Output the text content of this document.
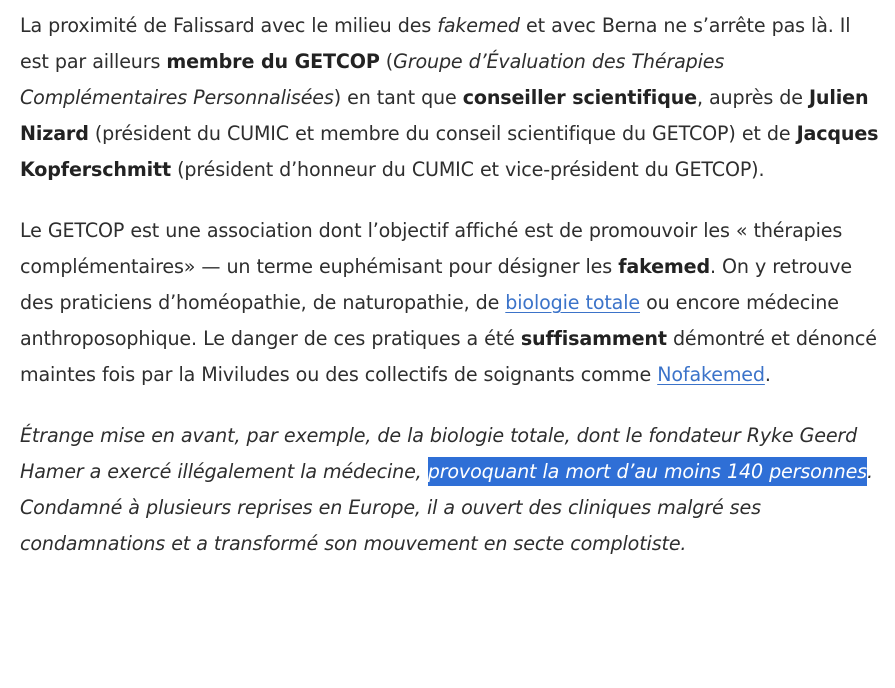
La proximité de Falissard avec le milieu des fakemed et avec Berna ne s’arrête pas là. Il est par ailleurs membre du GETCOP (Groupe d’Évaluation des Thérapies Complémentaires Personnalisées) en tant que conseiller scientifique, auprès de Julien Nizard (président du CUMIC et membre du conseil scientifique du GETCOP) et de Jacques Kopferschmitt (président d’honneur du CUMIC et vice-président du GETCOP).

Le GETCOP est une association dont l’objectif affiché est de promouvoir les « thérapies complémentaires» — un terme euphémisant pour désigner les fakemed. On y retrouve des praticiens d’homéopathie, de naturopathie, de biologie totale ou encore médecine anthroposophique. Le danger de ces pratiques a été suffisamment démontré et dénoncé maintes fois par la Miviludes ou des collectifs de soignants comme Nofakemed.

Étrange mise en avant, par exemple, de la biologie totale, dont le fondateur Ryke Geerd Hamer a exercé illégalement la médecine, provoquant la mort d’au moins 140 personnes. Condamné à plusieurs reprises en Europe, il a ouvert des cliniques malgré ses condamnations et a transformé son mouvement en secte complotiste.
